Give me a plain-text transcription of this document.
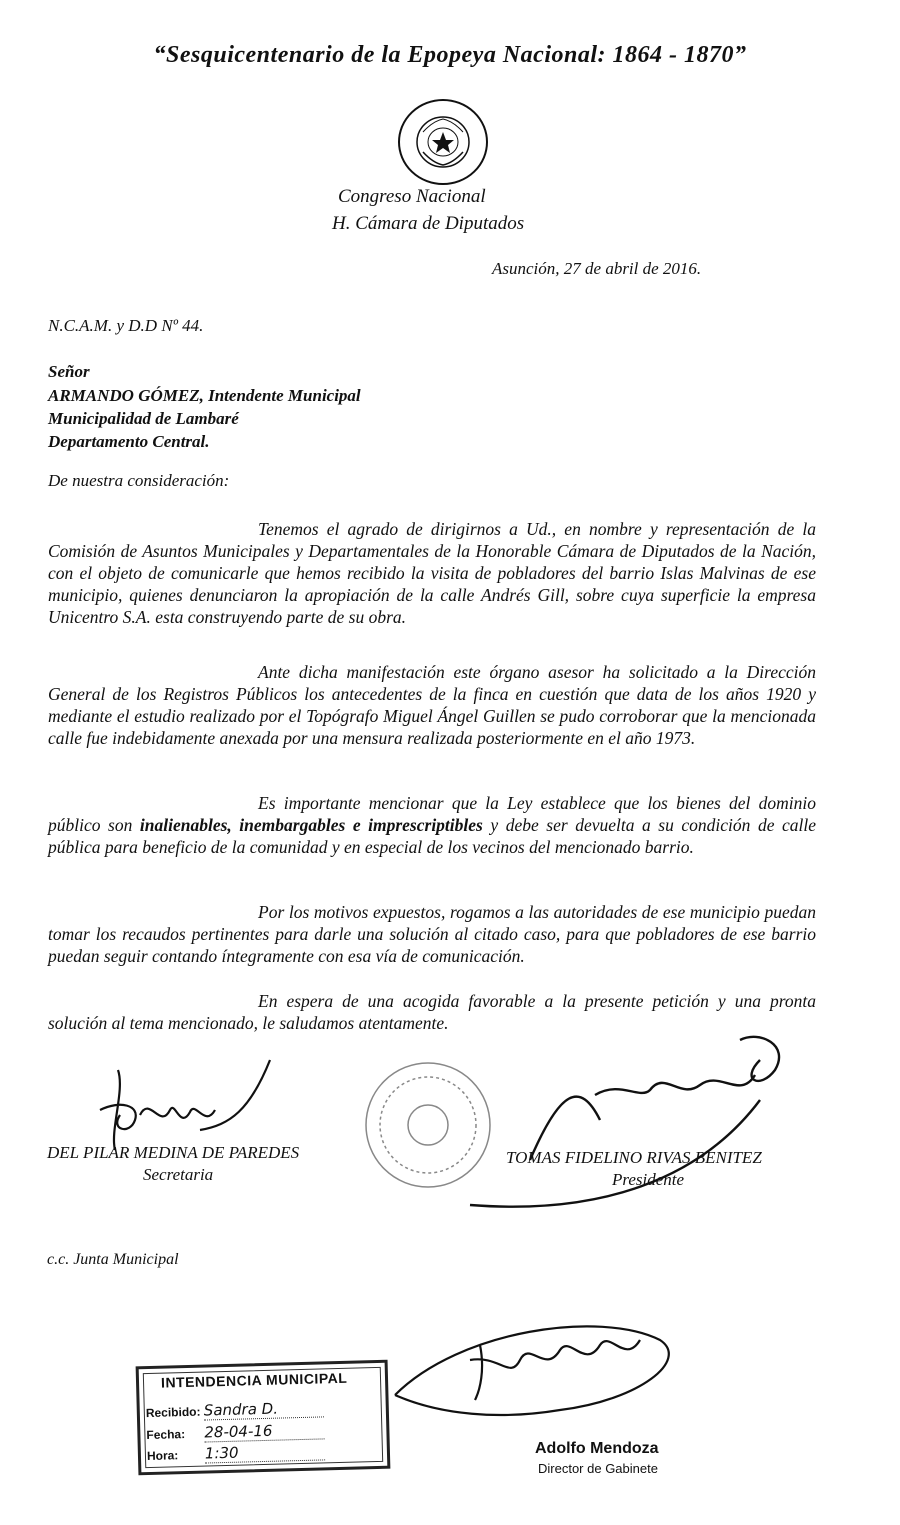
“Sesquicentenario de la Epopeya Nacional: 1864 - 1870”
Congreso Nacional
H. Cámara de Diputados
Asunción, 27 de abril de 2016.
N.C.A.M. y D.D Nº 44.
Señor
ARMANDO GÓMEZ, Intendente Municipal
Municipalidad de Lambaré
Departamento Central.
De nuestra consideración:

Tenemos el agrado de dirigirnos a Ud., en nombre y representación de la Comisión de Asuntos Municipales y Departamentales de la Honorable Cámara de Diputados de la Nación, con el objeto de comunicarle que hemos recibido la visita de pobladores del barrio Islas Malvinas de ese municipio, quienes denunciaron la apropiación de la calle Andrés Gill, sobre cuya superficie la empresa Unicentro S.A. esta construyendo parte de su obra.

Ante dicha manifestación este órgano asesor ha solicitado a la Dirección General de los Registros Públicos los antecedentes de la finca en cuestión que data de los años 1920 y mediante el estudio realizado por el Topógrafo Miguel Ángel Guillen se pudo corroborar que la mencionada calle fue indebidamente anexada por una mensura realizada posteriormente en el año 1973.

Es importante mencionar que la Ley establece que los bienes del dominio público son inalienables, inembargables e imprescriptibles y debe ser devuelta a su condición de calle pública para beneficio de la comunidad y en especial de los vecinos del mencionado barrio.

Por los motivos expuestos, rogamos a las autoridades de ese municipio puedan tomar los recaudos pertinentes para darle una solución al citado caso, para que pobladores de ese barrio puedan seguir contando íntegramente con esa vía de comunicación.

En espera de una acogida favorable a la presente petición y una pronta solución al tema mencionado, le saludamos atentamente.

DEL PILAR MEDINA DE PAREDES
Secretaria
TOMAS FIDELINO RIVAS BENITEZ
Presidente
c.c. Junta Municipal
INTENDENCIA MUNICIPAL
Recibido: Sandra D.
Fecha: 28-04-16
Hora: 1:30	Adolfo Mendoza
Director de Gabinete
